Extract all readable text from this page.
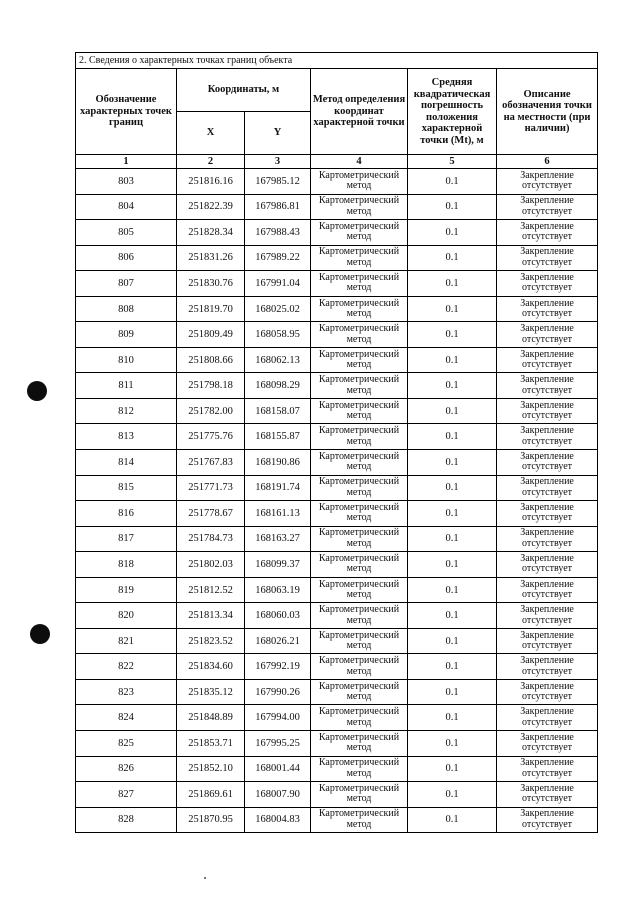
2. Сведения о характерных точках границ объекта					
Обозначение характерных точек границ	Координаты, м		Метод определения координат характерной точки	Средняя квадратическая погрешность положения характерной точки (Mt), м	Описание обозначения точки на местности (при наличии)
	X	Y			
1	2	3	4	5	6
803	251816.16	167985.12	Картометрический метод	0.1	Закрепление отсутствует
804	251822.39	167986.81	Картометрический метод	0.1	Закрепление отсутствует
805	251828.34	167988.43	Картометрический метод	0.1	Закрепление отсутствует
806	251831.26	167989.22	Картометрический метод	0.1	Закрепление отсутствует
807	251830.76	167991.04	Картометрический метод	0.1	Закрепление отсутствует
808	251819.70	168025.02	Картометрический метод	0.1	Закрепление отсутствует
809	251809.49	168058.95	Картометрический метод	0.1	Закрепление отсутствует
810	251808.66	168062.13	Картометрический метод	0.1	Закрепление отсутствует
811	251798.18	168098.29	Картометрический метод	0.1	Закрепление отсутствует
812	251782.00	168158.07	Картометрический метод	0.1	Закрепление отсутствует
813	251775.76	168155.87	Картометрический метод	0.1	Закрепление отсутствует
814	251767.83	168190.86	Картометрический метод	0.1	Закрепление отсутствует
815	251771.73	168191.74	Картометрический метод	0.1	Закрепление отсутствует
816	251778.67	168161.13	Картометрический метод	0.1	Закрепление отсутствует
817	251784.73	168163.27	Картометрический метод	0.1	Закрепление отсутствует
818	251802.03	168099.37	Картометрический метод	0.1	Закрепление отсутствует
819	251812.52	168063.19	Картометрический метод	0.1	Закрепление отсутствует
820	251813.34	168060.03	Картометрический метод	0.1	Закрепление отсутствует
821	251823.52	168026.21	Картометрический метод	0.1	Закрепление отсутствует
822	251834.60	167992.19	Картометрический метод	0.1	Закрепление отсутствует
823	251835.12	167990.26	Картометрический метод	0.1	Закрепление отсутствует
824	251848.89	167994.00	Картометрический метод	0.1	Закрепление отсутствует
825	251853.71	167995.25	Картометрический метод	0.1	Закрепление отсутствует
826	251852.10	168001.44	Картометрический метод	0.1	Закрепление отсутствует
827	251869.61	168007.90	Картометрический метод	0.1	Закрепление отсутствует
828	251870.95	168004.83	Картометрический метод	0.1	Закрепление отсутствует
